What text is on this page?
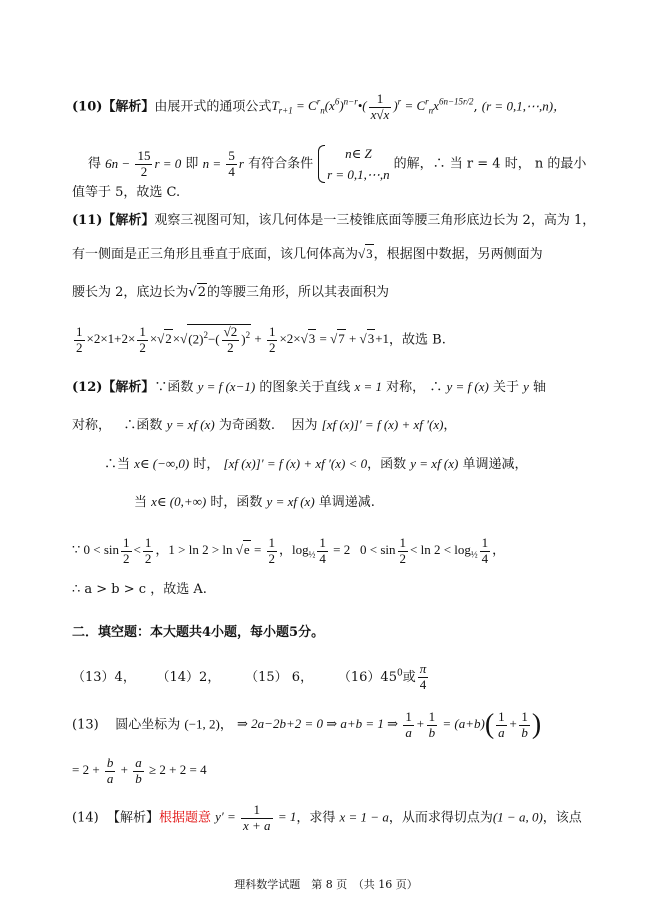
(10)【解析】由展开式的通项公式$T_{r+1}$ = $C^r_n(x^6)^{n-r}•( \frac{1}{x√x} )^r = C^r_nx^{6n-15r/2}$, (r = 0,1,⋯,n)，
得 $6n - \frac{15}{2}$ r = 0 即 $n = \frac{5}{4}$ r 有符合条件
n∈ Z
r = 0,1,⋯,n
的解，∴ 当 r = 4 时， n 的最小
值等于 5，故选 C.
(11)【解析】观察三视图可知，该几何体是一三棱锥底面等腰三角形底边长为 2，高为 1，
有一侧面是正三角形且垂直于底面，该几何体高为√3，根据图中数据，另两侧面为
腰长为 2，底边长为√2的等腰三角形，所以其表面积为
$\frac{1}{2} \times 2\times 1+2\times \frac{1}{2} \times√2\times√(2)^2-( \frac{√2}{2} )^2 + \frac{1}{2} \times 2\times√3 = √7 + √3+1$，故选 B.
(12)【解析】∵函数 y = f (x−1) 的图象关于直线 x = 1 对称， ∴ y = f (x) 关于 y 轴
对称， ∴函数 y = xf (x) 为奇函数. 因为 [xf (x)]′ = f (x) + xf ′(x)，
∴当 x∈ (−∞,0) 时， [xf (x)]′ = f (x) + xf ′(x) < 0，函数 y = xf (x) 单调递减，
当 x∈ (0,+∞) 时，函数 y = xf (x) 单调递减.
∵ $0 < \sin \frac{1}{2} < \frac{1}{2}$ ，$1 > \ln 2 > \ln √e = \frac{1}{2}$ ，$\log_{\frac{1}{2}} \frac{1}{4} = 2$   $0 < \sin \frac{1}{2} < \ln 2 < \log_{\frac{1}{2}} \frac{1}{4}$ ，
∴ a > b > c ，故选 A.
二．填空题：本大题共4小题，每小题5分。
（13）4， （14）2， （15） 6， $(16)45^0$或 $\frac{\pi}{4}$
(13) 圆心坐标为 (−1, 2)， ⇒ 2a−2b+2 = 0 ⇒ a+b = 1 ⇒ $\frac{1}{a} + \frac{1}{b} = (a+b)( \frac{1}{a} + \frac{1}{b}$ )
= $2 + \frac{b}{a} + \frac{a}{b} \ge 2 + 2 = 4$
(14) 【解析】根据题意 $y' = \frac{1}{x + a} = 1$，求得 x = 1 − a，从而求得切点为(1 − a, 0)，该点
理科数学试题　第 8 页　（共 16 页）
